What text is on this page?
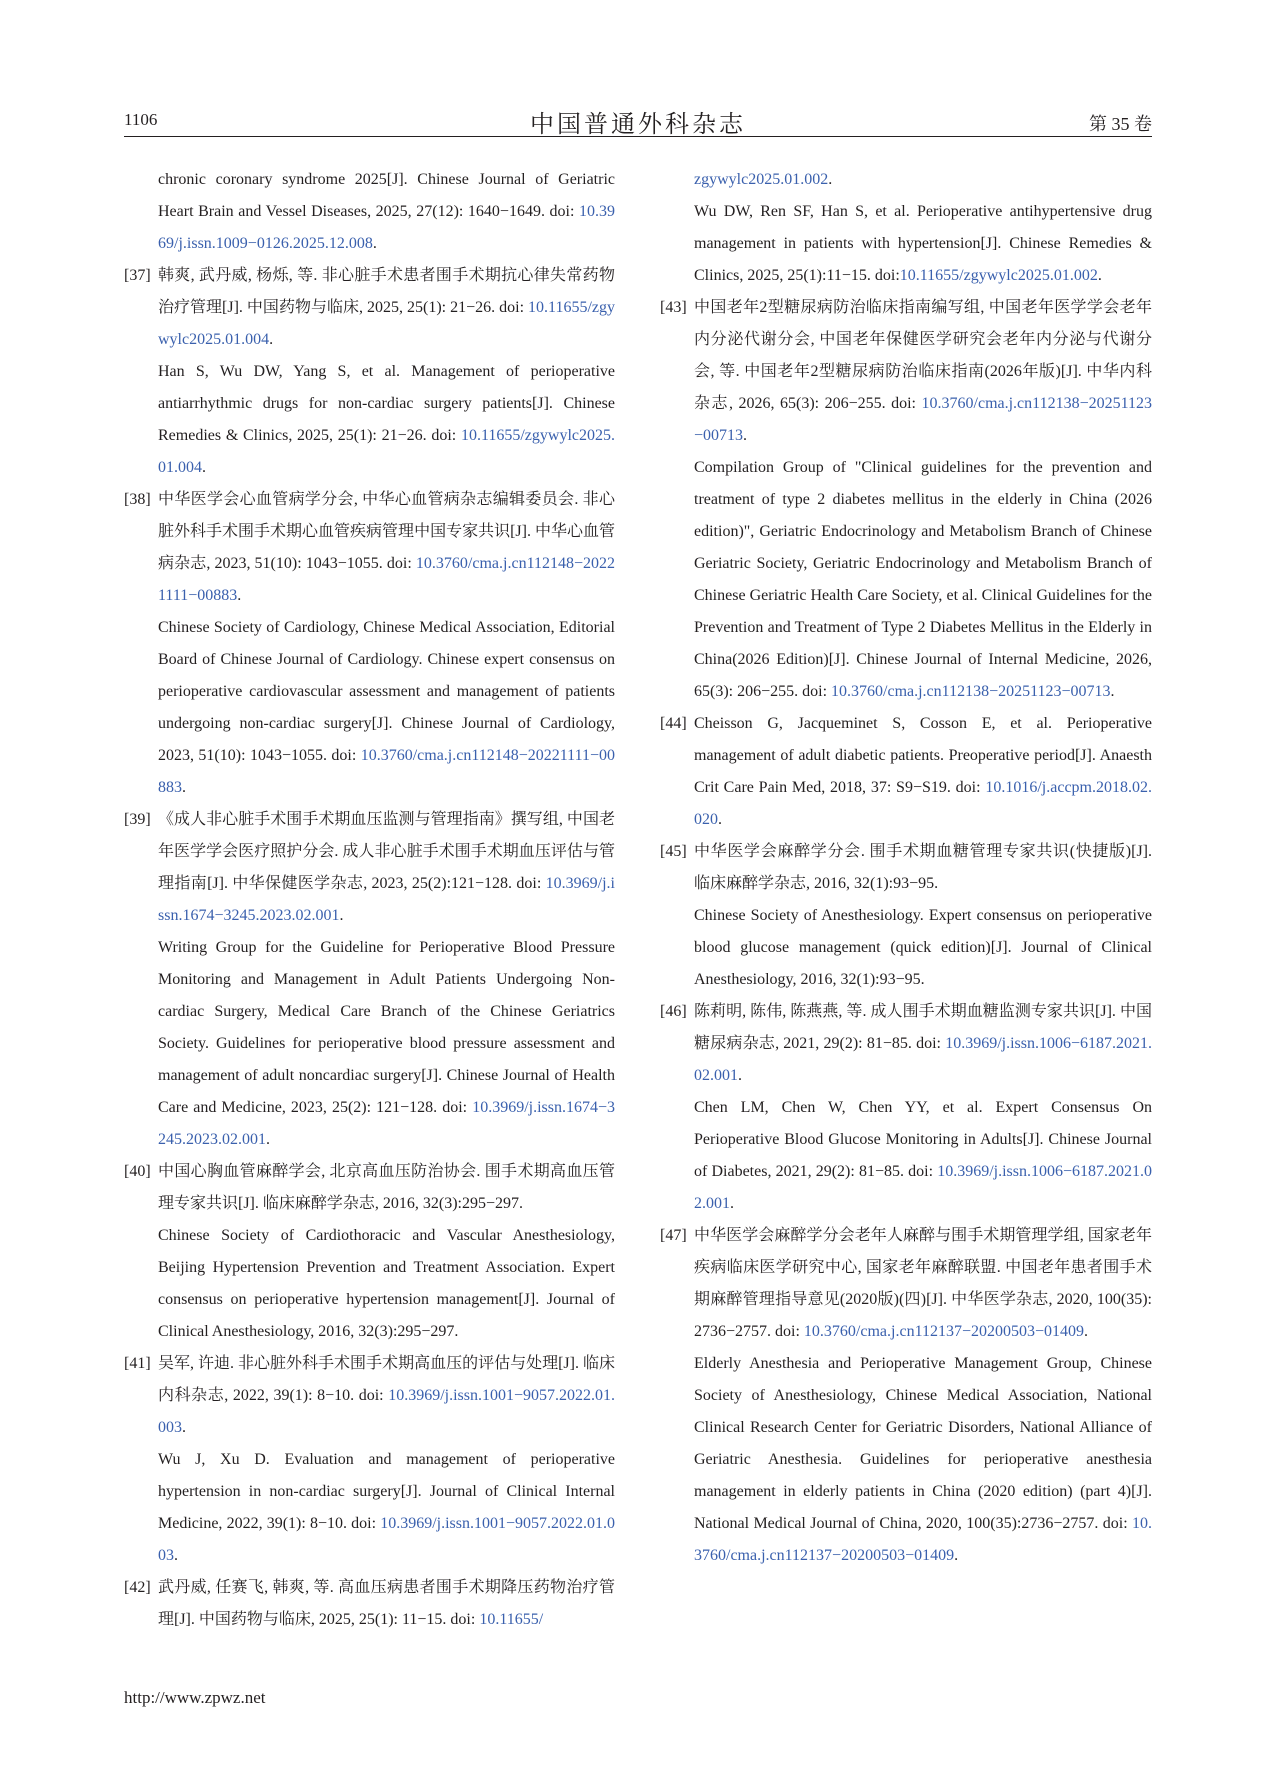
1106	中国普通外科杂志	第 35 卷
chronic coronary syndrome 2025[J]. Chinese Journal of Geriatric Heart Brain and Vessel Diseases, 2025, 27(12): 1640−1649. doi: 10.3969/j.issn.1009−0126.2025.12.008.
[37] 韩爽, 武丹威, 杨烁, 等. 非心脏手术患者围手术期抗心律失常药物治疗管理[J]. 中国药物与临床, 2025, 25(1): 21−26. doi: 10.11655/zgywylc2025.01.004.
Han S, Wu DW, Yang S, et al. Management of perioperative antiarrhythmic drugs for non-cardiac surgery patients[J]. Chinese Remedies & Clinics, 2025, 25(1): 21−26. doi: 10.11655/zgywylc2025.01.004.
[38] 中华医学会心血管病学分会, 中华心血管病杂志编辑委员会. 非心脏外科手术围手术期心血管疾病管理中国专家共识[J]. 中华心血管病杂志, 2023, 51(10): 1043−1055. doi: 10.3760/cma.j.cn112148−20221111−00883.
Chinese Society of Cardiology, Chinese Medical Association, Editorial Board of Chinese Journal of Cardiology. Chinese expert consensus on perioperative cardiovascular assessment and management of patients undergoing non-cardiac surgery[J]. Chinese Journal of Cardiology, 2023, 51(10): 1043−1055. doi: 10.3760/cma.j.cn112148−20221111−00883.
[39] 《成人非心脏手术围手术期血压监测与管理指南》撰写组, 中国老年医学学会医疗照护分会. 成人非心脏手术围手术期血压评估与管理指南[J]. 中华保健医学杂志, 2023, 25(2):121−128. doi: 10.3969/j.issn.1674−3245.2023.02.001.
Writing Group for the Guideline for Perioperative Blood Pressure Monitoring and Management in Adult Patients Undergoing Non-cardiac Surgery, Medical Care Branch of the Chinese Geriatrics Society. Guidelines for perioperative blood pressure assessment and management of adult noncardiac surgery[J]. Chinese Journal of Health Care and Medicine, 2023, 25(2): 121−128. doi: 10.3969/j.issn.1674−3245.2023.02.001.
[40] 中国心胸血管麻醉学会, 北京高血压防治协会. 围手术期高血压管理专家共识[J]. 临床麻醉学杂志, 2016, 32(3):295−297.
Chinese Society of Cardiothoracic and Vascular Anesthesiology, Beijing Hypertension Prevention and Treatment Association. Expert consensus on perioperative hypertension management[J]. Journal of Clinical Anesthesiology, 2016, 32(3):295−297.
[41] 吴军, 许迪. 非心脏外科手术围手术期高血压的评估与处理[J]. 临床内科杂志, 2022, 39(1): 8−10. doi: 10.3969/j.issn.1001−9057.2022.01.003.
Wu J, Xu D. Evaluation and management of perioperative hypertension in non-cardiac surgery[J]. Journal of Clinical Internal Medicine, 2022, 39(1): 8−10. doi: 10.3969/j.issn.1001−9057.2022.01.003.
[42] 武丹威, 任赛飞, 韩爽, 等. 高血压病患者围手术期降压药物治疗管理[J]. 中国药物与临床, 2025, 25(1): 11−15. doi: 10.11655/
zgywylc2025.01.002.
Wu DW, Ren SF, Han S, et al. Perioperative antihypertensive drug management in patients with hypertension[J]. Chinese Remedies & Clinics, 2025, 25(1):11−15. doi:10.11655/zgywylc2025.01.002.
[43] 中国老年2型糖尿病防治临床指南编写组, 中国老年医学学会老年内分泌代谢分会, 中国老年保健医学研究会老年内分泌与代谢分会, 等. 中国老年2型糖尿病防治临床指南(2026年版)[J]. 中华内科杂志, 2026, 65(3): 206−255. doi: 10.3760/cma.j.cn112138−20251123−00713.
Compilation Group of "Clinical guidelines for the prevention and treatment of type 2 diabetes mellitus in the elderly in China (2026 edition)", Geriatric Endocrinology and Metabolism Branch of Chinese Geriatric Society, Geriatric Endocrinology and Metabolism Branch of Chinese Geriatric Health Care Society, et al. Clinical Guidelines for the Prevention and Treatment of Type 2 Diabetes Mellitus in the Elderly in China(2026 Edition)[J]. Chinese Journal of Internal Medicine, 2026, 65(3): 206−255. doi: 10.3760/cma.j.cn112138−20251123−00713.
[44] Cheisson G, Jacqueminet S, Cosson E, et al. Perioperative management of adult diabetic patients. Preoperative period[J]. Anaesth Crit Care Pain Med, 2018, 37: S9−S19. doi: 10.1016/j.accpm.2018.02.020.
[45] 中华医学会麻醉学分会. 围手术期血糖管理专家共识(快捷版)[J]. 临床麻醉学杂志, 2016, 32(1):93−95.
Chinese Society of Anesthesiology. Expert consensus on perioperative blood glucose management (quick edition)[J]. Journal of Clinical Anesthesiology, 2016, 32(1):93−95.
[46] 陈莉明, 陈伟, 陈燕燕, 等. 成人围手术期血糖监测专家共识[J]. 中国糖尿病杂志, 2021, 29(2): 81−85. doi: 10.3969/j.issn.1006−6187.2021.02.001.
Chen LM, Chen W, Chen YY, et al. Expert Consensus On Perioperative Blood Glucose Monitoring in Adults[J]. Chinese Journal of Diabetes, 2021, 29(2): 81−85. doi: 10.3969/j.issn.1006−6187.2021.02.001.
[47] 中华医学会麻醉学分会老年人麻醉与围手术期管理学组, 国家老年疾病临床医学研究中心, 国家老年麻醉联盟. 中国老年患者围手术期麻醉管理指导意见(2020版)(四)[J]. 中华医学杂志, 2020, 100(35): 2736−2757. doi: 10.3760/cma.j.cn112137−20200503−01409.
Elderly Anesthesia and Perioperative Management Group, Chinese Society of Anesthesiology, Chinese Medical Association, National Clinical Research Center for Geriatric Disorders, National Alliance of Geriatric Anesthesia. Guidelines for perioperative anesthesia management in elderly patients in China (2020 edition) (part 4)[J]. National Medical Journal of China, 2020, 100(35):2736−2757. doi: 10.3760/cma.j.cn112137−20200503−01409.
http://www.zpwz.net
